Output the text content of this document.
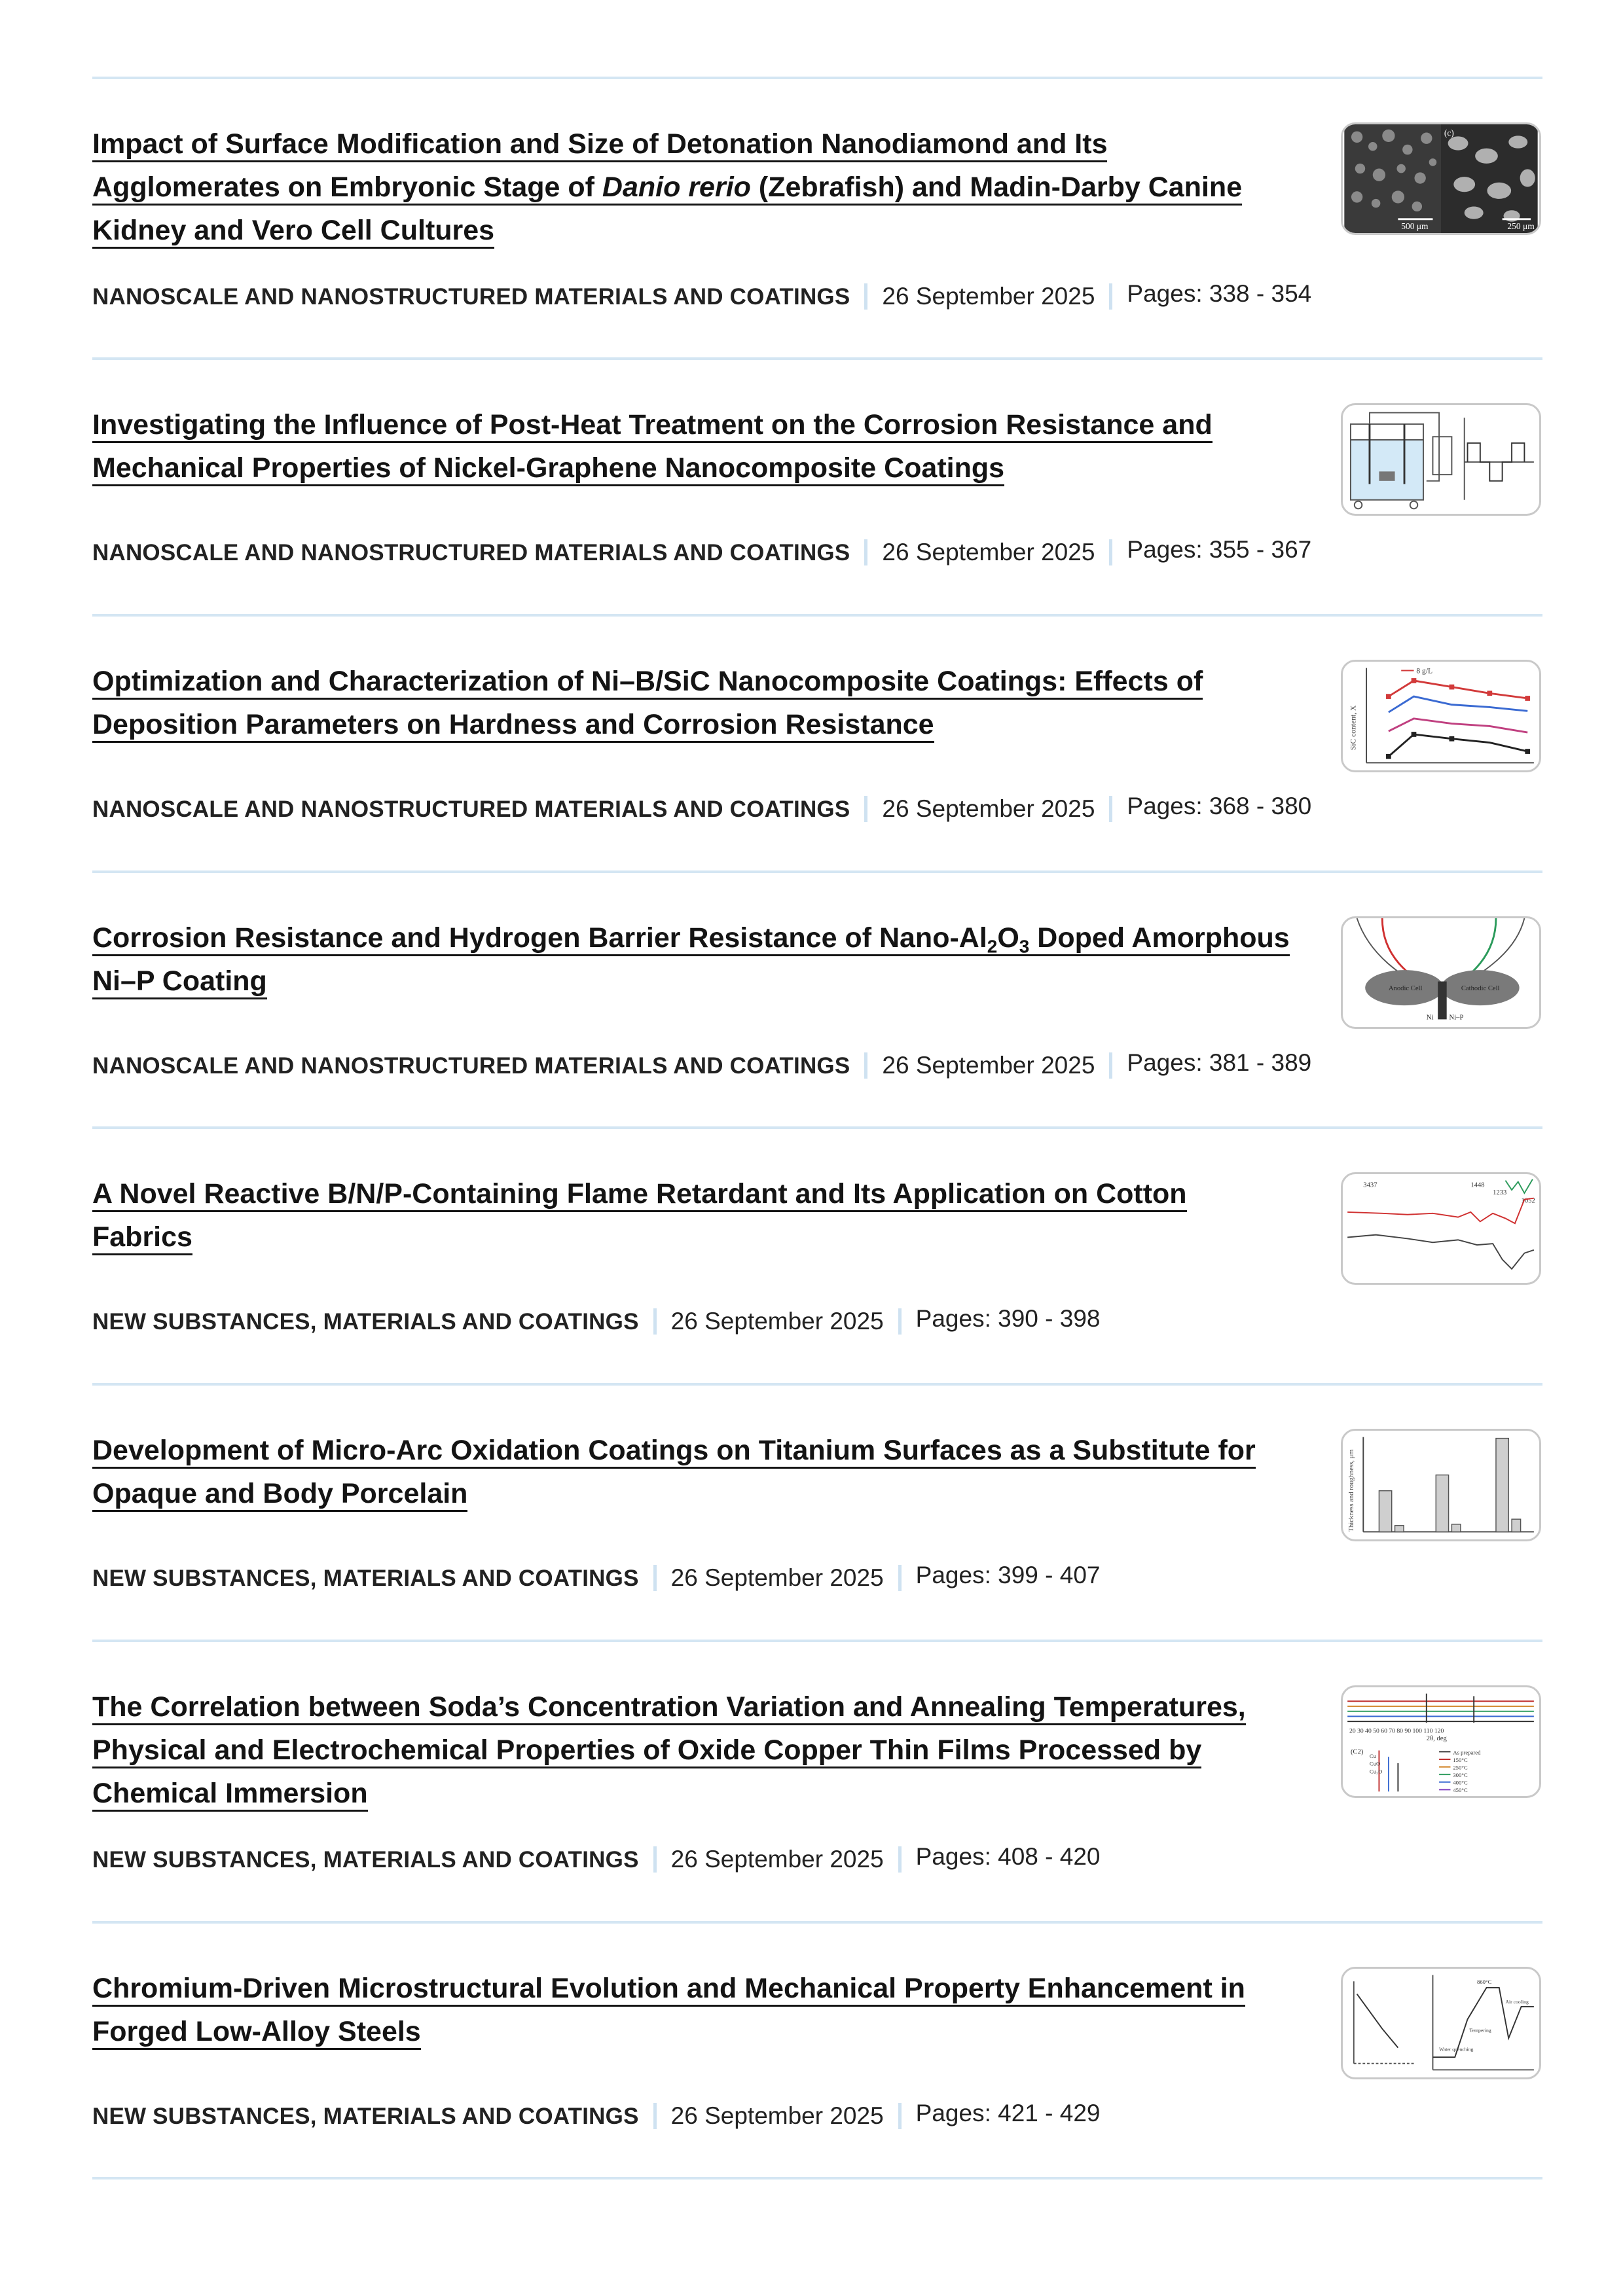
Impact of Surface Modification and Size of Detonation Nanodiamond and Its Agglomerates on Embryonic Stage of Danio rerio (Zebrafish) and Madin-Darby Canine Kidney and Vero Cell Cultures
NANOSCALE AND NANOSTRUCTURED MATERIALS AND COATINGS 26 September 2025 Pages: 338 - 354
500 μm	250 μm
(c)
Investigating the Influence of Post-Heat Treatment on the Corrosion Resistance and Mechanical Properties of Nickel-Graphene Nanocomposite Coatings
NANOSCALE AND NANOSTRUCTURED MATERIALS AND COATINGS 26 September 2025 Pages: 355 - 367
Optimization and Characterization of Ni–B/SiC Nanocomposite Coatings: Effects of Deposition Parameters on Hardness and Corrosion Resistance
NANOSCALE AND NANOSTRUCTURED MATERIALS AND COATINGS 26 September 2025 Pages: 368 - 380
SiC content, X
8 g/L
Corrosion Resistance and Hydrogen Barrier Resistance of Nano-$Al_2O_3$ Doped Amorphous Ni–P Coating
NANOSCALE AND NANOSTRUCTURED MATERIALS AND COATINGS 26 September 2025 Pages: 381 - 389
Anodic Cell	Cathodic Cell
Ni Ni–P
A Novel Reactive B/N/P-Containing Flame Retardant and Its Application on Cotton Fabrics
NEW SUBSTANCES, MATERIALS AND COATINGS 26 September 2025 Pages: 390 - 398
3437	1448
1233
1052
Development of Micro-Arc Oxidation Coatings on Titanium Surfaces as a Substitute for Opaque and Body Porcelain
NEW SUBSTANCES, MATERIALS AND COATINGS 26 September 2025 Pages: 399 - 407
Thickness and roughness, μm
The Correlation between Soda’s Concentration Variation and Annealing Temperatures, Physical and Electrochemical Properties of Oxide Copper Thin Films Processed by Chemical Immersion
NEW SUBSTANCES, MATERIALS AND COATINGS 26 September 2025 Pages: 408 - 420
20 30 40 50 60 70 80 90 100 110 120
2θ, deg
(C2)
Cu
CuO
Cu₂O
As prepared
150°C
250°C
300°C
400°C
450°C
Chromium-Driven Microstructural Evolution and Mechanical Property Enhancement in Forged Low-Alloy Steels
NEW SUBSTANCES, MATERIALS AND COATINGS 26 September 2025 Pages: 421 - 429
860°C
Air cooling
Tempering
Water quenching
